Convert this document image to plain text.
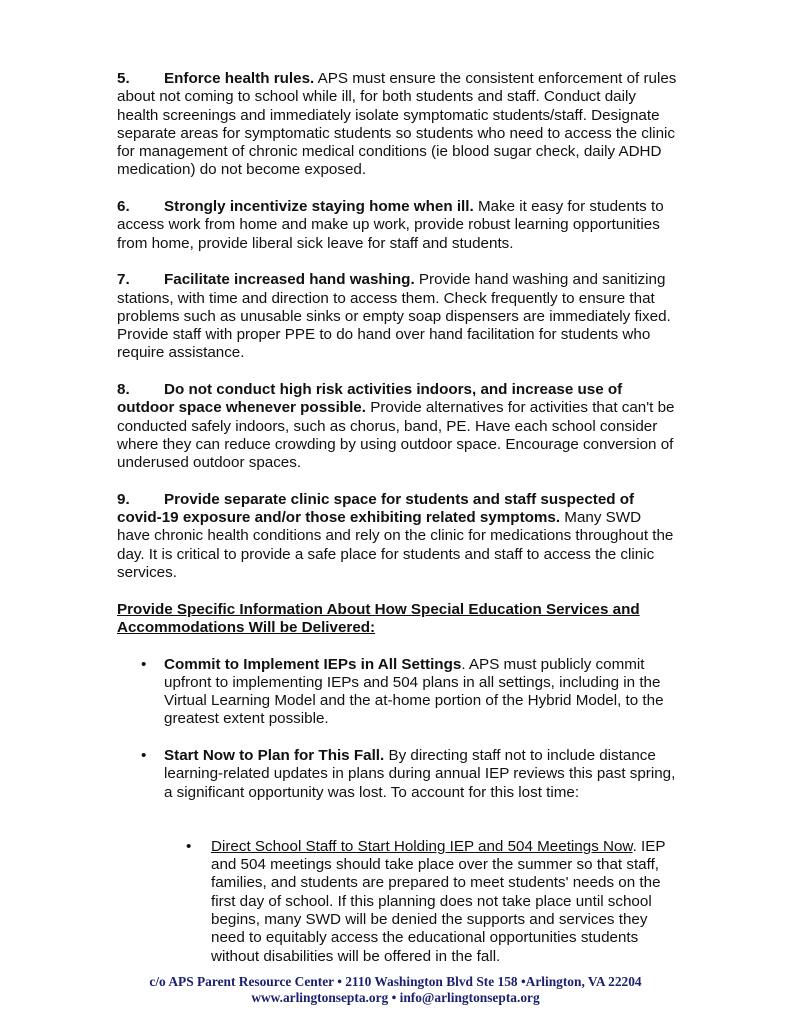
5. Enforce health rules. APS must ensure the consistent enforcement of rules about not coming to school while ill, for both students and staff. Conduct daily health screenings and immediately isolate symptomatic students/staff. Designate separate areas for symptomatic students so students who need to access the clinic for management of chronic medical conditions (ie blood sugar check, daily ADHD medication) do not become exposed.

6. Strongly incentivize staying home when ill. Make it easy for students to access work from home and make up work, provide robust learning opportunities from home, provide liberal sick leave for staff and students.

7. Facilitate increased hand washing. Provide hand washing and sanitizing stations, with time and direction to access them. Check frequently to ensure that problems such as unusable sinks or empty soap dispensers are immediately fixed. Provide staff with proper PPE to do hand over hand facilitation for students who require assistance.

8. Do not conduct high risk activities indoors, and increase use of outdoor space whenever possible. Provide alternatives for activities that can't be conducted safely indoors, such as chorus, band, PE. Have each school consider where they can reduce crowding by using outdoor space. Encourage conversion of underused outdoor spaces.

9. Provide separate clinic space for students and staff suspected of covid-19 exposure and/or those exhibiting related symptoms. Many SWD have chronic health conditions and rely on the clinic for medications throughout the day. It is critical to provide a safe place for students and staff to access the clinic services.

Provide Specific Information About How Special Education Services and Accommodations Will be Delivered:

• Commit to Implement IEPs in All Settings. APS must publicly commit upfront to implementing IEPs and 504 plans in all settings, including in the Virtual Learning Model and the at-home portion of the Hybrid Model, to the greatest extent possible.
• Start Now to Plan for This Fall. By directing staff not to include distance learning-related updates in plans during annual IEP reviews this past spring, a significant opportunity was lost. To account for this lost time:
• Direct School Staff to Start Holding IEP and 504 Meetings Now. IEP and 504 meetings should take place over the summer so that staff, families, and students are prepared to meet students' needs on the first day of school. If this planning does not take place until school begins, many SWD will be denied the supports and services they need to equitably access the educational opportunities students without disabilities will be offered in the fall.
c/o APS Parent Resource Center • 2110 Washington Blvd Ste 158 •Arlington, VA 22204
www.arlingtonsepta.org • info@arlingtonsepta.org
